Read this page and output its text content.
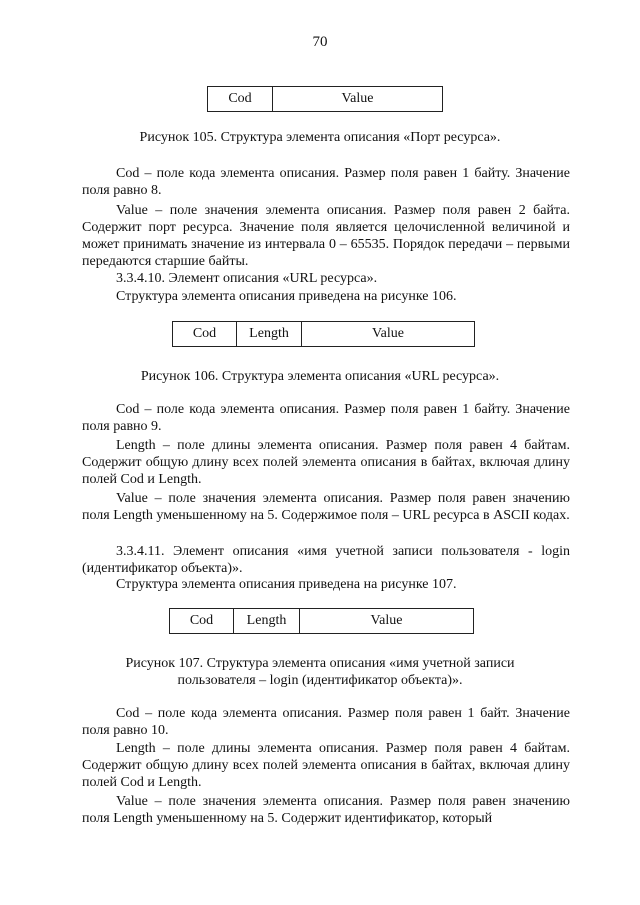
70
Cod	Value
Рисунок 105. Структура элемента описания «Порт ресурса».

Cod – поле кода элемента описания. Размер поля равен 1 байту. Значение поля равно 8.

Value – поле значения элемента описания. Размер поля равен 2 байта. Содержит порт ресурса. Значение поля является целочисленной величиной и может принимать значение из интервала 0 – 65535. Порядок передачи – первыми передаются старшие байты.

3.3.4.10. Элемент описания «URL ресурса».

Структура элемента описания приведена на рисунке 106.

Cod	Length	Value
Рисунок 106. Структура элемента описания «URL ресурса».

Cod – поле кода элемента описания. Размер поля равен 1 байту. Значение поля равно 9.

Length – поле длины элемента описания. Размер поля равен 4 байтам. Содержит общую длину всех полей элемента описания в байтах, включая длину полей Cod и Length.

Value – поле значения элемента описания. Размер поля равен значению поля Length уменьшенному на 5. Содержимое поля – URL ресурса в ASCII кодах.

3.3.4.11. Элемент описания «имя учетной записи пользователя - login (идентификатор объекта)».

Структура элемента описания приведена на рисунке 107.

Cod	Length	Value
Рисунок 107. Структура элемента описания «имя учетной записи
пользователя – login (идентификатор объекта)».

Cod – поле кода элемента описания. Размер поля равен 1 байт. Значение поля равно 10.

Length – поле длины элемента описания. Размер поля равен 4 байтам. Содержит общую длину всех полей элемента описания в байтах, включая длину полей Cod и Length.

Value – поле значения элемента описания. Размер поля равен значению поля Length уменьшенному на 5. Содержит идентификатор, который
